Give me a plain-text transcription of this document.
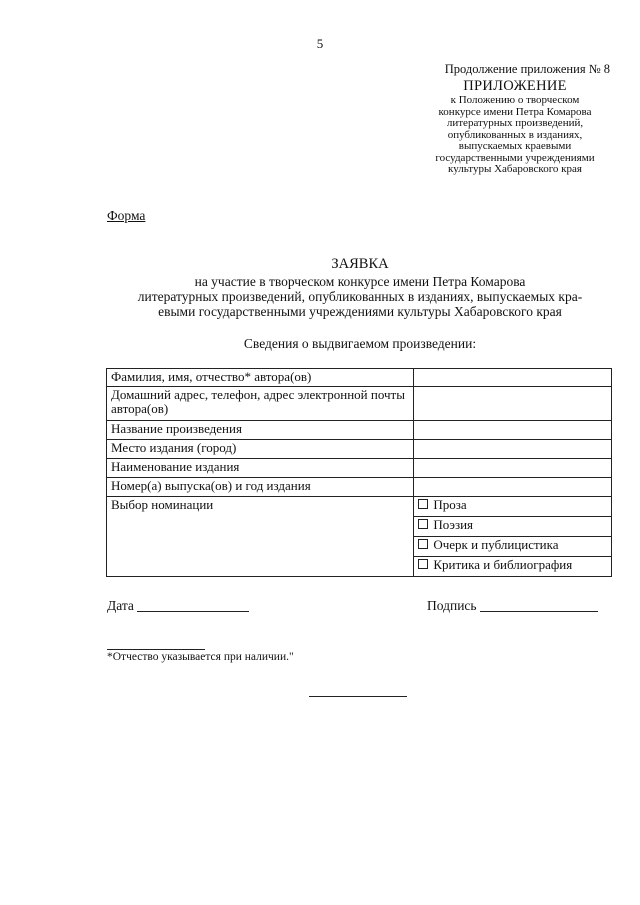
5
Продолжение приложения № 8

ПРИЛОЖЕНИЕ

к Положению о творческом

конкурсе имени Петра Комарова

литературных произведений,

опубликованных в изданиях,

выпускаемых краевыми

государственными учреждениями

культуры Хабаровского края

Форма
ЗАЯВКА
на участие в творческом конкурсе имени Петра Комарова
литературных произведений, опубликованных в изданиях, выпускаемых кра-
евыми государственными учреждениями культуры Хабаровского края
Сведения о выдвигаемом произведении:
Фамилия, имя, отчество* автора(ов)	
Домашний адрес, телефон, адрес электронной почты автора(ов)	
Название произведения	
Место издания (город)	
Наименование издания	
Номер(а) выпуска(ов) и год издания	
Выбор номинации	Проза
	Поэзия
	Очерк и публицистика
	Критика и библиография
Дата	Подпись
*Отчество указывается при наличии."
